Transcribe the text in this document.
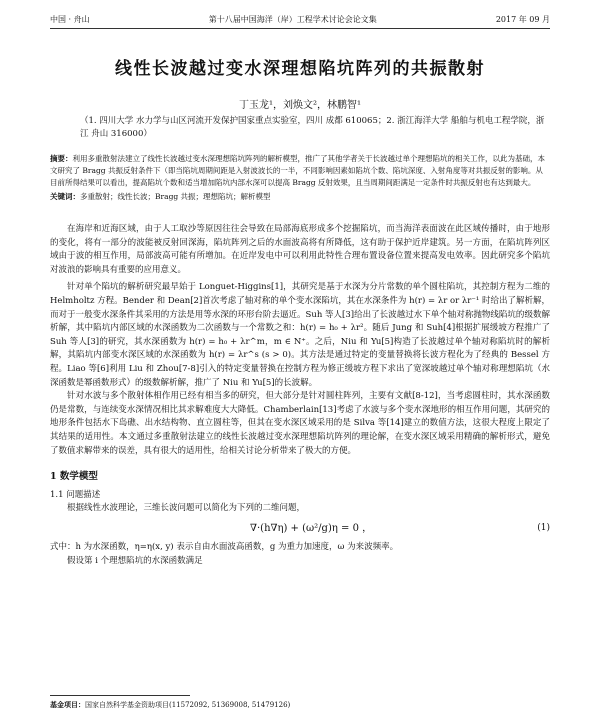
中国 · 舟山	第十八届中国海洋（岸）工程学术讨论会论文集	2017 年 09 月
线性长波越过变水深理想陷坑阵列的共振散射
丁玉龙¹，刘焕文²，林鹏智¹
（1. 四川大学 水力学与山区河流开发保护国家重点实验室，四川 成都 610065；2. 浙江海洋大学 船舶与机电工程学院，浙江 舟山 316000）
摘要：利用多重散射法建立了线性长波越过变水深理想陷坑阵列的解析模型，推广了其他学者关于长波越过单个理想陷坑的相关工作，以此为基础，本文研究了 Bragg 共振反射条件下（即当陷坑周期间距是入射波波长的一半，不同影响因素如陷坑个数、陷坑深度、入射角度等对共振反射的影响。从目前所得结果可以看出，提高陷坑个数和适当增加陷坑内部水深可以提高 Bragg 反射效果，且当周期间距满足一定条件时共振反射也有达到最大。
关键词：多重散射；线性长波；Bragg 共振；理想陷坑；解析模型

在海岸和近海区域，由于人工取沙等原因往往会导致在局部海底形成多个挖掘陷坑，而当海洋表面波在此区域传播时，由于地形的变化，将有一部分的波能被反射回深海，陷坑阵列之后的水面波高将有所降低，这有助于保护近岸建筑。另一方面，在陷坑阵列区域由于波的相互作用，局部波高可能有所增加。在近岸发电中可以利用此特性合理布置设备位置来提高发电效率。因此研究多个陷坑对波浪的影响具有重要的应用意义。

针对单个陷坑的解析研究最早始于 Longuet-Higgins[1]，其研究是基于水深为分片常数的单个圆柱陷坑，其控制方程为二维的 Helmholtz 方程。Bender 和 Dean[2]首次考虑了轴对称的单个变水深陷坑，其在水深条件为 h(r) = λr or λr⁻¹ 时给出了解析解，而对于一般变水深条件其采用的方法是用等水深的环形台阶去逼近。Suh 等人[3]给出了长波越过水下单个轴对称抛物线陷坑的级数解析解，其中陷坑内部区域的水深函数为二次函数与一个常数之和：h(r) = h₀ + λr²。随后 Jung 和 Suh[4]根据扩展缓坡方程推广了 Suh 等人[3]的研究，其水深函数为 h(r) = h₀ + λr^m，m ∈ N⁺。之后，Niu 和 Yu[5]构造了长波越过单个轴对称陷坑时的解析解，其陷坑内部变水深区域的水深函数为 h(r) = λr^s (s > 0)。其方法是通过特定的变量替换将长波方程化为了经典的 Bessel 方程。Liao 等[6]利用 Liu 和 Zhou[7-8]引入的特定变量替换在控制方程为修正缓坡方程下求出了宽深坡越过单个轴对称理想陷坑（水深函数是幂函数形式）的级数解析解，推广了 Niu 和 Yu[5]的长波解。

针对水波与多个散射体相作用已经有相当多的研究，但大部分是针对圆柱阵列，主要有文献[8-12]，当考虑圆柱时，其水深函数仍是常数，与连续变水深情况相比其求解难度大大降低。Chamberlain[13]考虑了水波与多个变水深地形的相互作用问题，其研究的地形条件包括水下岛礁、出水结构物、直立圆柱等，但其在变水深区域采用的是 Silva 等[14]建立的数值方法，这很大程度上限定了其结果的适用性。本文通过多重散射法建立的线性长波越过变水深理想陷坑阵列的理论解，在变水深区域采用精确的解析形式，避免了数值求解带来的误差，具有很大的适用性，给相关讨论分析带来了极大的方便。

1 数学模型
1.1 问题描述

根据线性水波理论，三维长波问题可以简化为下列的二维问题，

∇·(h∇η) + (ω²/g)η = 0 ，	(1)

式中：h 为水深函数，η=η(x, y) 表示自由水面波高函数，g 为重力加速度，ω 为来波频率。

假设第 i 个理想陷坑的水深函数满足

基金项目：国家自然科学基金资助项目(11572092, 51369008, 51479126)
